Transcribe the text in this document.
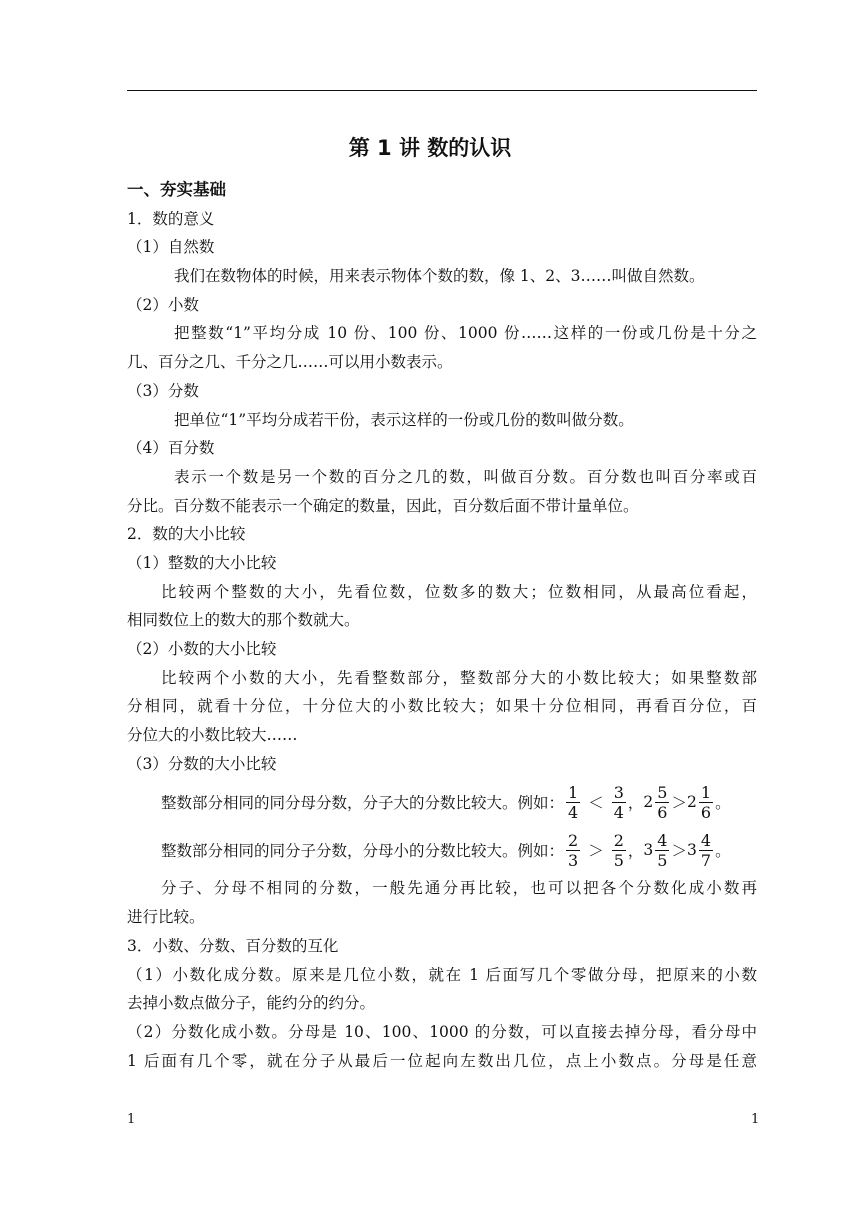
第 1 讲 数的认识
一、夯实基础
1．数的意义
（1）自然数
我们在数物体的时候，用来表示物体个数的数，像 1、2、3……叫做自然数。
（2）小数
把整数“1”平均分成 10 份、100 份、1000 份……这样的一份或几份是十分之
几、百分之几、千分之几……可以用小数表示。
（3）分数
把单位“1”平均分成若干份，表示这样的一份或几份的数叫做分数。
（4）百分数
表示一个数是另一个数的百分之几的数，叫做百分数。百分数也叫百分率或百
分比。百分数不能表示一个确定的数量，因此，百分数后面不带计量单位。
2．数的大小比较
（1）整数的大小比较
比较两个整数的大小，先看位数，位数多的数大；位数相同，从最高位看起，
相同数位上的数大的那个数就大。
（2）小数的大小比较
比较两个小数的大小，先看整数部分，整数部分大的小数比较大；如果整数部
分相同，就看十分位，十分位大的小数比较大；如果十分位相同，再看百分位，百
分位大的小数比较大……
（3）分数的大小比较
整数部分相同的同分母分数，分子大的分数比较大。例如： $\frac{1}{4} < \frac{3}{4}$ ， $2 \frac{5}{6} > 2 \frac{1}{6}$ 。
整数部分相同的同分子分数，分母小的分数比较大。例如： $\frac{2}{3} > \frac{2}{5}$ ， $3 \frac{4}{5} > 3 \frac{4}{7}$ 。
分子、分母不相同的分数，一般先通分再比较，也可以把各个分数化成小数再
进行比较。
3．小数、分数、百分数的互化
（1）小数化成分数。原来是几位小数，就在 1 后面写几个零做分母，把原来的小数
去掉小数点做分子，能约分的约分。
（2）分数化成小数。分母是 10、100、1000 的分数，可以直接去掉分母，看分母中
1 后面有几个零，就在分子从最后一位起向左数出几位，点上小数点。分母是任意
1	1
